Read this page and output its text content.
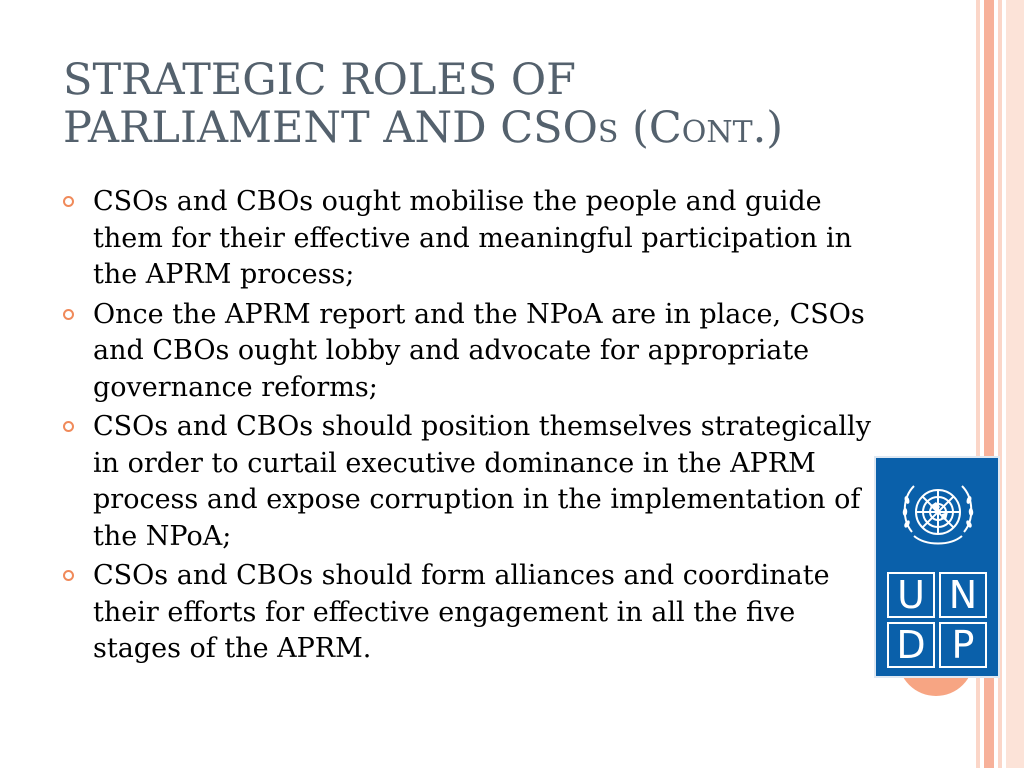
STRATEGIC ROLES OF
PARLIAMENT AND CSOS (CONT.)
CSOs and CBOs ought mobilise the people and guide them for their effective and meaningful participation in the APRM process;
Once the APRM report and the NPoA are in place, CSOs and CBOs ought lobby and advocate for appropriate governance reforms;
CSOs and CBOs should position themselves strategically in order to curtail executive dominance in the APRM process and expose corruption in the implementation of the NPoA;
CSOs and CBOs should form alliances and coordinate their efforts for effective engagement in all the five stages of the APRM.
U N
D P
